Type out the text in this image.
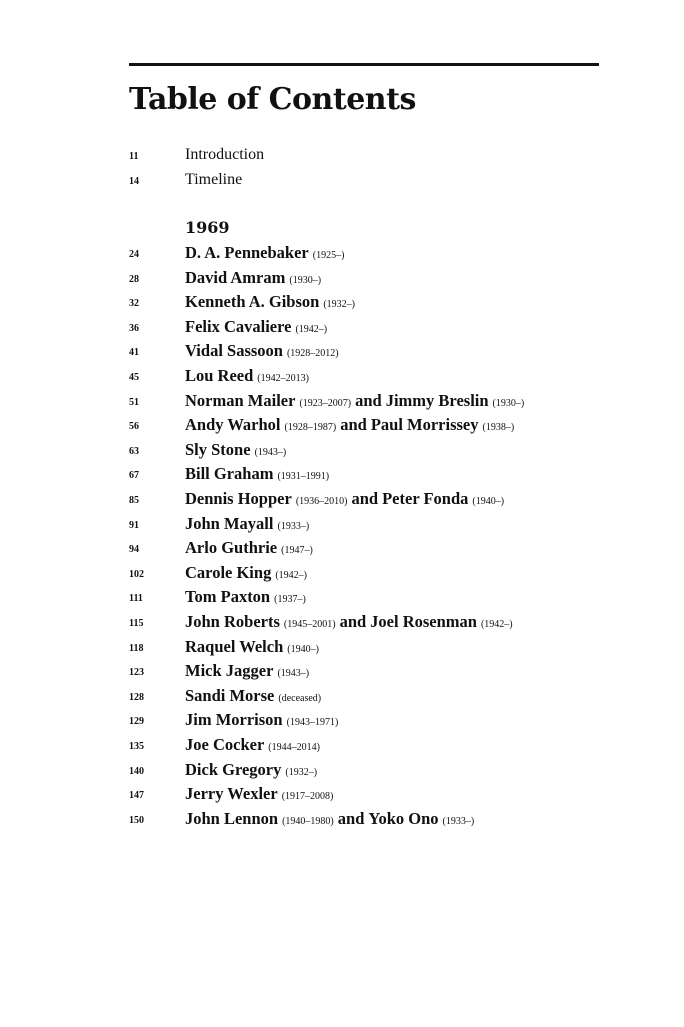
Table of Contents
11	Introduction
14	Timeline
1969
24	D. A. Pennebaker (1925–)
28	David Amram (1930–)
32	Kenneth A. Gibson (1932–)
36	Felix Cavaliere (1942–)
41	Vidal Sassoon (1928–2012)
45	Lou Reed (1942–2013)
51	Norman Mailer (1923–2007) and Jimmy Breslin (1930–)
56	Andy Warhol (1928–1987) and Paul Morrissey (1938–)
63	Sly Stone (1943–)
67	Bill Graham (1931–1991)
85	Dennis Hopper (1936–2010) and Peter Fonda (1940–)
91	John Mayall (1933–)
94	Arlo Guthrie (1947–)
102 Carole King (1942–)
111	Tom Paxton (1937–)
115	John Roberts (1945–2001) and Joel Rosenman (1942–)
118	Raquel Welch (1940–)
123 Mick Jagger (1943–)
128 Sandi Morse (deceased)
129 Jim Morrison (1943–1971)
135 Joe Cocker (1944–2014)
140 Dick Gregory (1932–)
147 Jerry Wexler (1917–2008)
150 John Lennon (1940–1980) and Yoko Ono (1933–)
